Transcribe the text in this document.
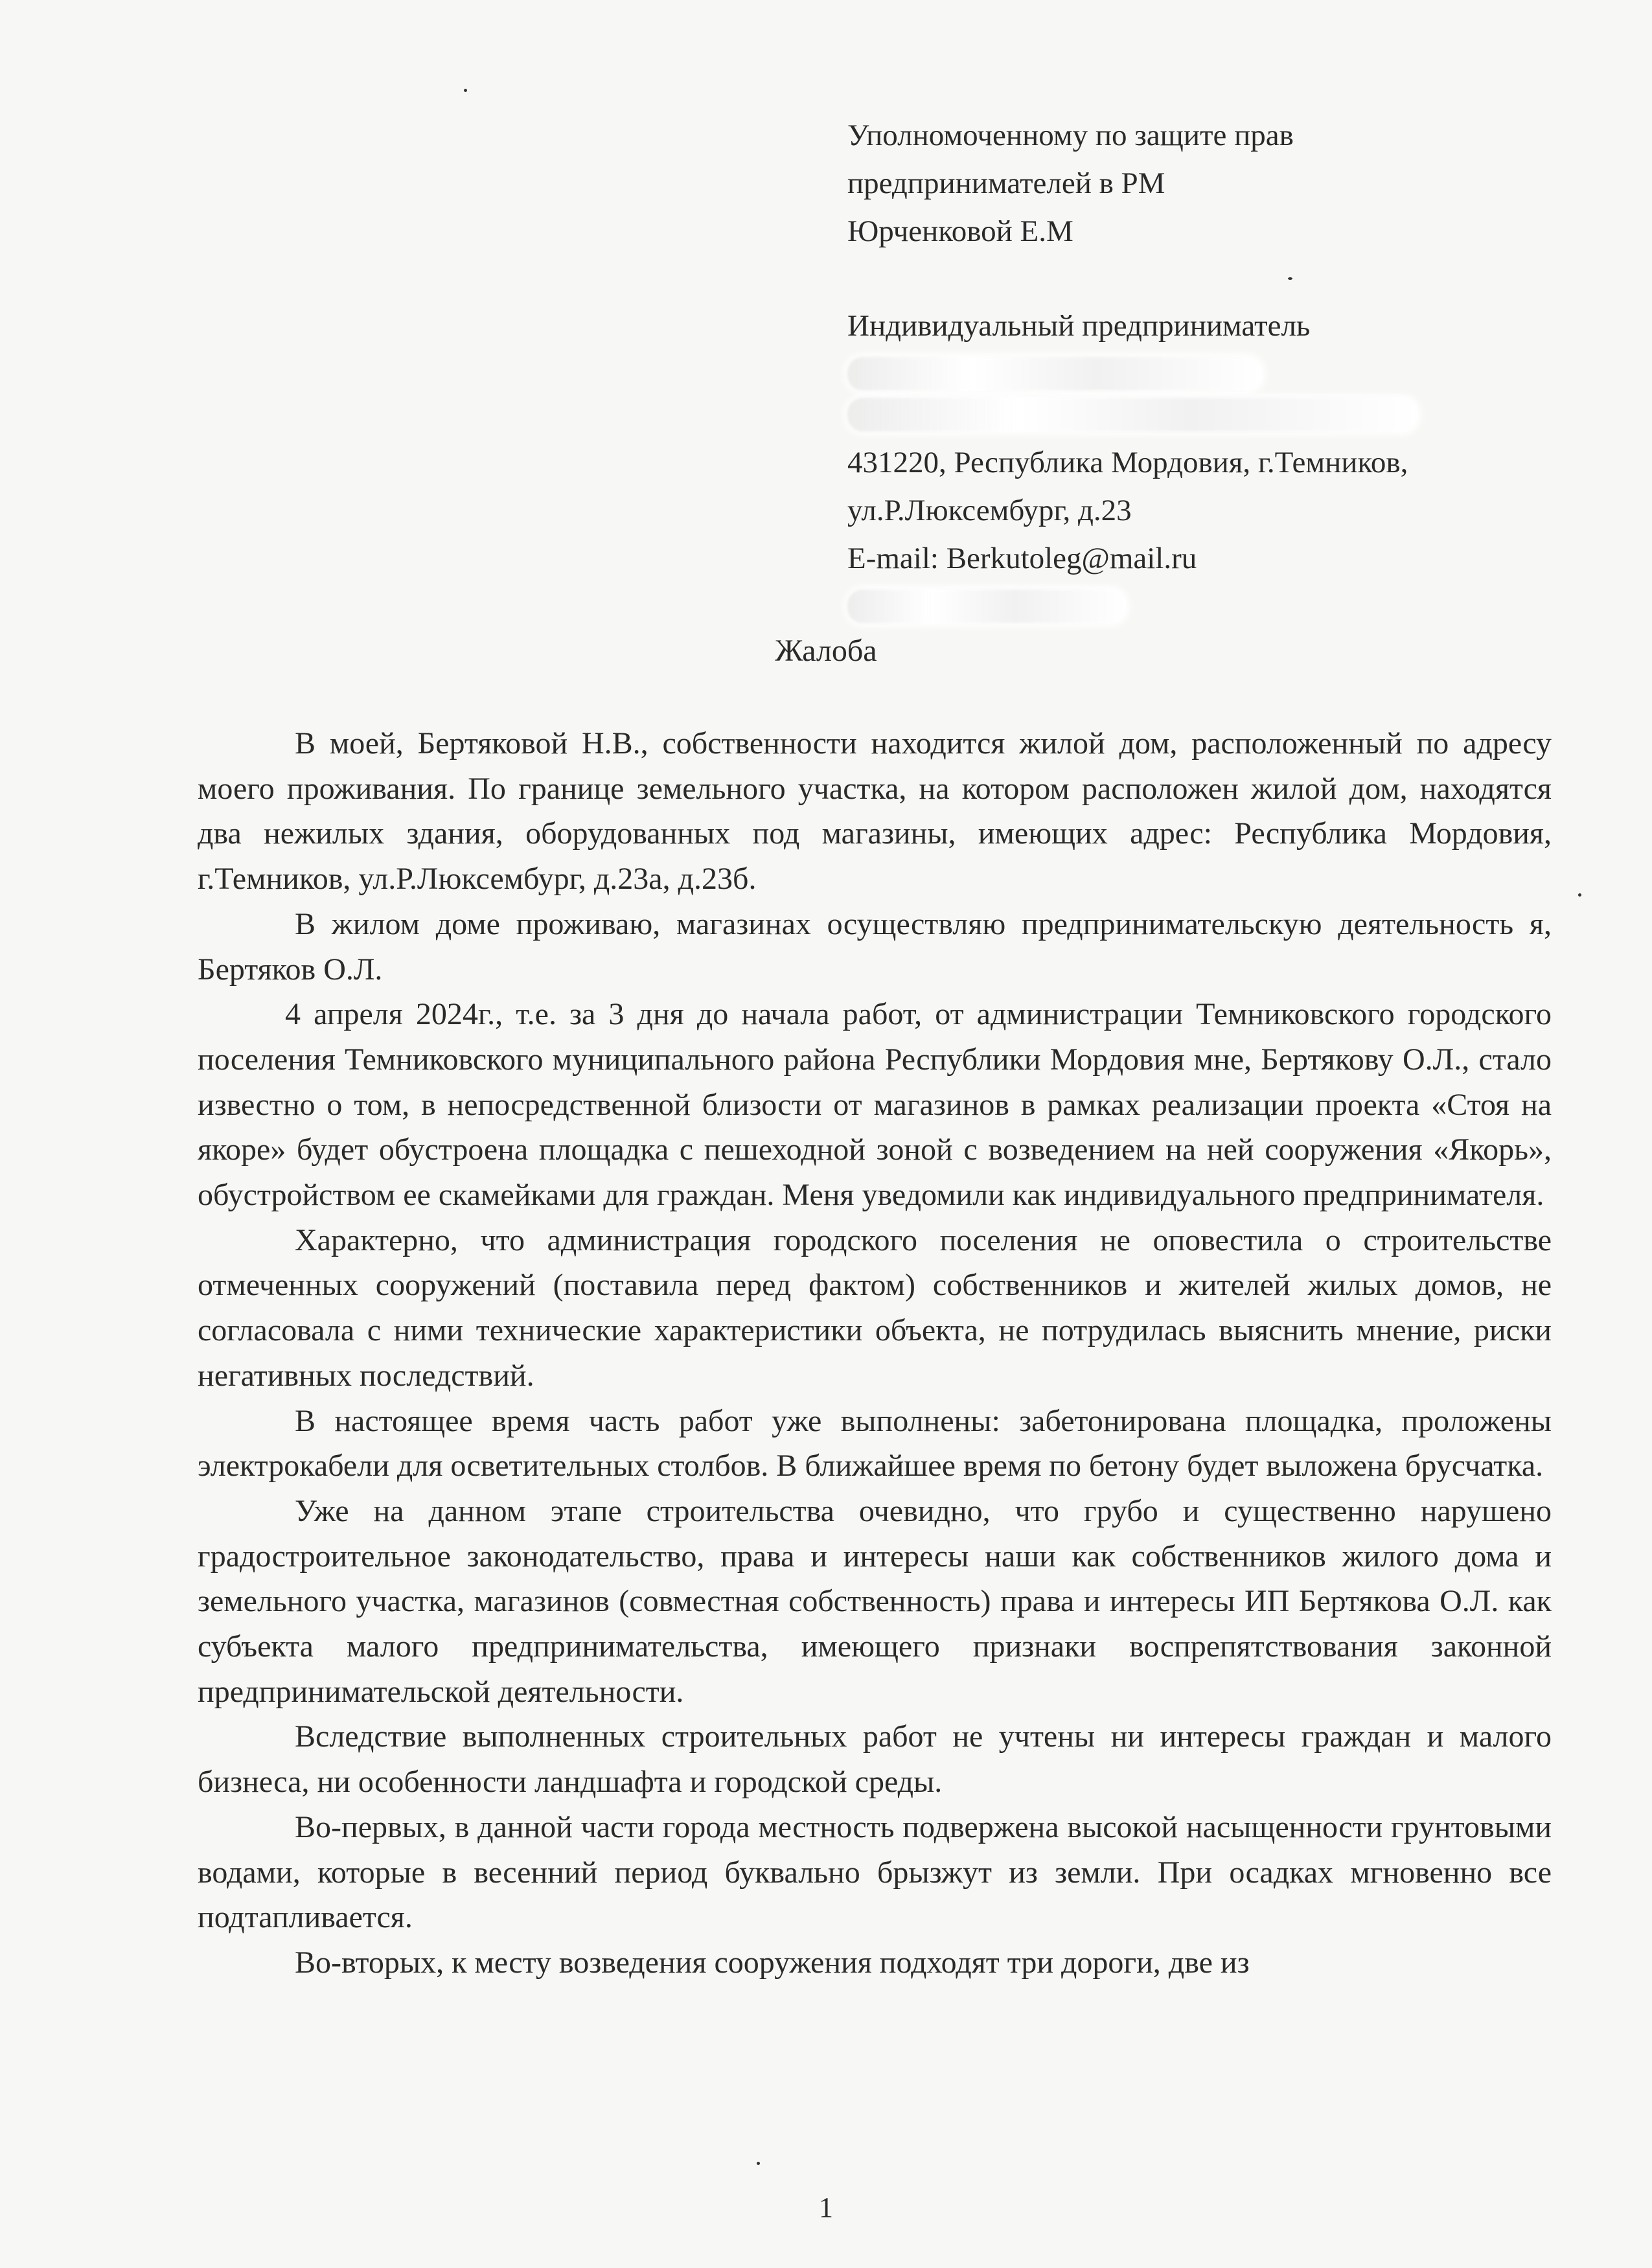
Уполномоченному по защите прав
предпринимателей в РМ
Юрченковой Е.М
Индивидуальный предприниматель
431220, Республика Мордовия, г.Темников,
ул.Р.Люксембург, д.23
E-mail: Berkutoleg@mail.ru
Жалоба

В моей, Бертяковой Н.В., собственности находится жилой дом, расположенный по адресу моего проживания. По границе земельного участка, на котором расположен жилой дом, находятся два нежилых здания, оборудованных под магазины, имеющих адрес: Республика Мордовия, г.Темников, ул.Р.Люксембург, д.23а, д.23б.

В жилом доме проживаю, магазинах осуществляю предпринимательскую деятельность я, Бертяков О.Л.

4 апреля 2024г., т.е. за 3 дня до начала работ, от администрации Темниковского городского поселения Темниковского муниципального района Республики Мордовия мне, Бертякову О.Л., стало известно о том, в непосредственной близости от магазинов в рамках реализации проекта «Стоя на якоре» будет обустроена площадка с пешеходной зоной с возведением на ней сооружения «Якорь», обустройством ее скамейками для граждан. Меня уведомили как индивидуального предпринимателя.

Характерно, что администрация городского поселения не оповестила о строительстве отмеченных сооружений (поставила перед фактом) собственников и жителей жилых домов, не согласовала с ними технические характеристики объекта, не потрудилась выяснить мнение, риски негативных последствий.

В настоящее время часть работ уже выполнены: забетонирована площадка, проложены электрокабели для осветительных столбов. В ближайшее время по бетону будет выложена брусчатка.

Уже на данном этапе строительства очевидно, что грубо и существенно нарушено градостроительное законодательство, права и интересы наши как собственников жилого дома и земельного участка, магазинов (совместная собственность) права и интересы ИП Бертякова О.Л. как субъекта малого предпринимательства, имеющего признаки воспрепятствования законной предпринимательской деятельности.

Вследствие выполненных строительных работ не учтены ни интересы граждан и малого бизнеса, ни особенности ландшафта и городской среды.

Во-первых, в данной части города местность подвержена высокой насыщенности грунтовыми водами, которые в весенний период буквально брызжут из земли. При осадках мгновенно все подтапливается.

Во-вторых, к месту возведения сооружения подходят три дороги, две из

1
